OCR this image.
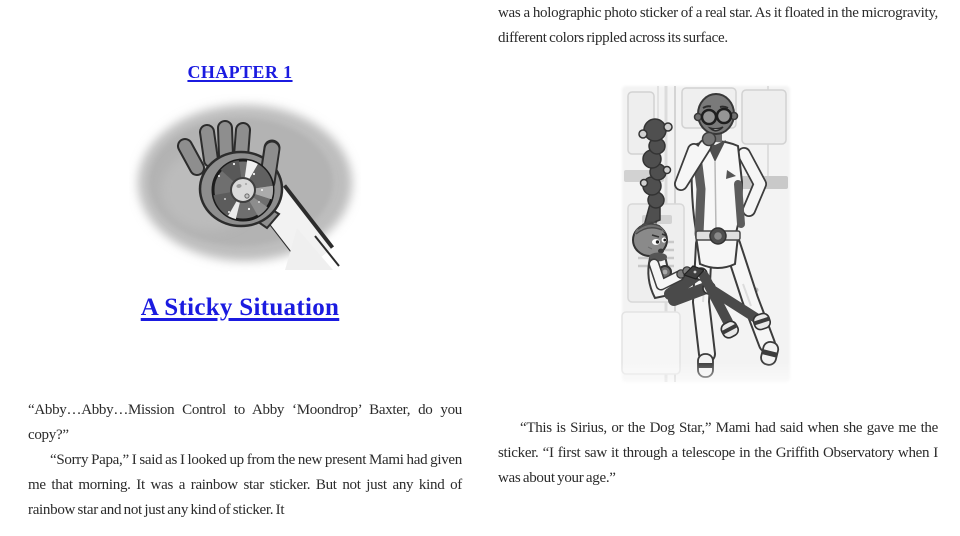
CHAPTER 1
A Sticky Situation

“Abby…Abby…Mission Control to Abby ‘Moondrop’ Baxter, do you copy?”

“Sorry Papa,” I said as I looked up from the new present Mami had given me that morning. It was a rainbow star sticker. But not just any kind of rainbow star and not just any kind of sticker. It

was a holographic photo sticker of a real star. As it floated in the microgravity, different colors rippled across its surface.

“This is Sirius, or the Dog Star,” Mami had said when she gave me the sticker. “I first saw it through a telescope in the Griffith Observatory when I was about your age.”
